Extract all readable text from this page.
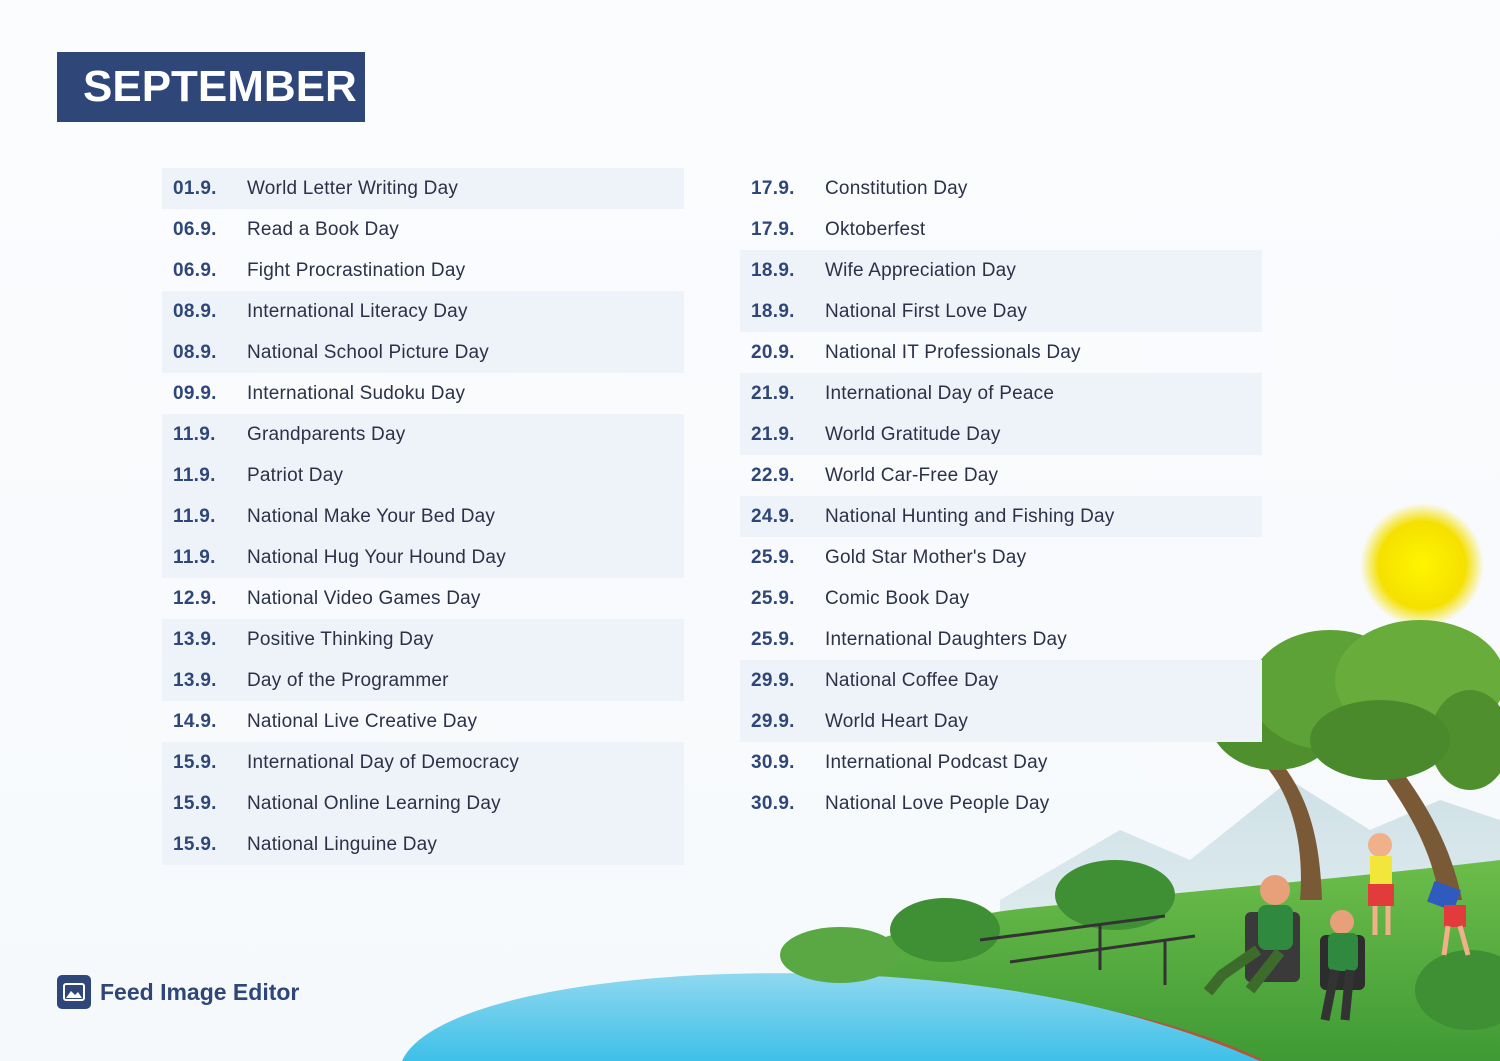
SEPTEMBER
01.9.	World Letter Writing Day
06.9.	Read a Book Day
06.9.	Fight Procrastination Day
08.9.	International Literacy Day
08.9.	National School Picture Day
09.9.	International Sudoku Day
11.9.	Grandparents Day
11.9.	Patriot Day
11.9.	National Make Your Bed Day
11.9.	National Hug Your Hound Day
12.9.	National Video Games Day
13.9.	Positive Thinking Day
13.9.	Day of the Programmer
14.9.	National Live Creative Day
15.9.	International Day of Democracy
15.9.	National Online Learning Day
15.9.	National Linguine Day
17.9.	Constitution Day
17.9.	Oktoberfest
18.9.	Wife Appreciation Day
18.9.	National First Love Day
20.9.	National IT Professionals Day
21.9.	International Day of Peace
21.9.	World Gratitude Day
22.9.	World Car-Free Day
24.9.	National Hunting and Fishing Day
25.9.	Gold Star Mother's Day
25.9.	Comic Book Day
25.9.	International Daughters Day
29.9.	National Coffee Day
29.9.	World Heart Day
30.9.	International Podcast Day
30.9.	National Love People Day
Feed Image Editor
